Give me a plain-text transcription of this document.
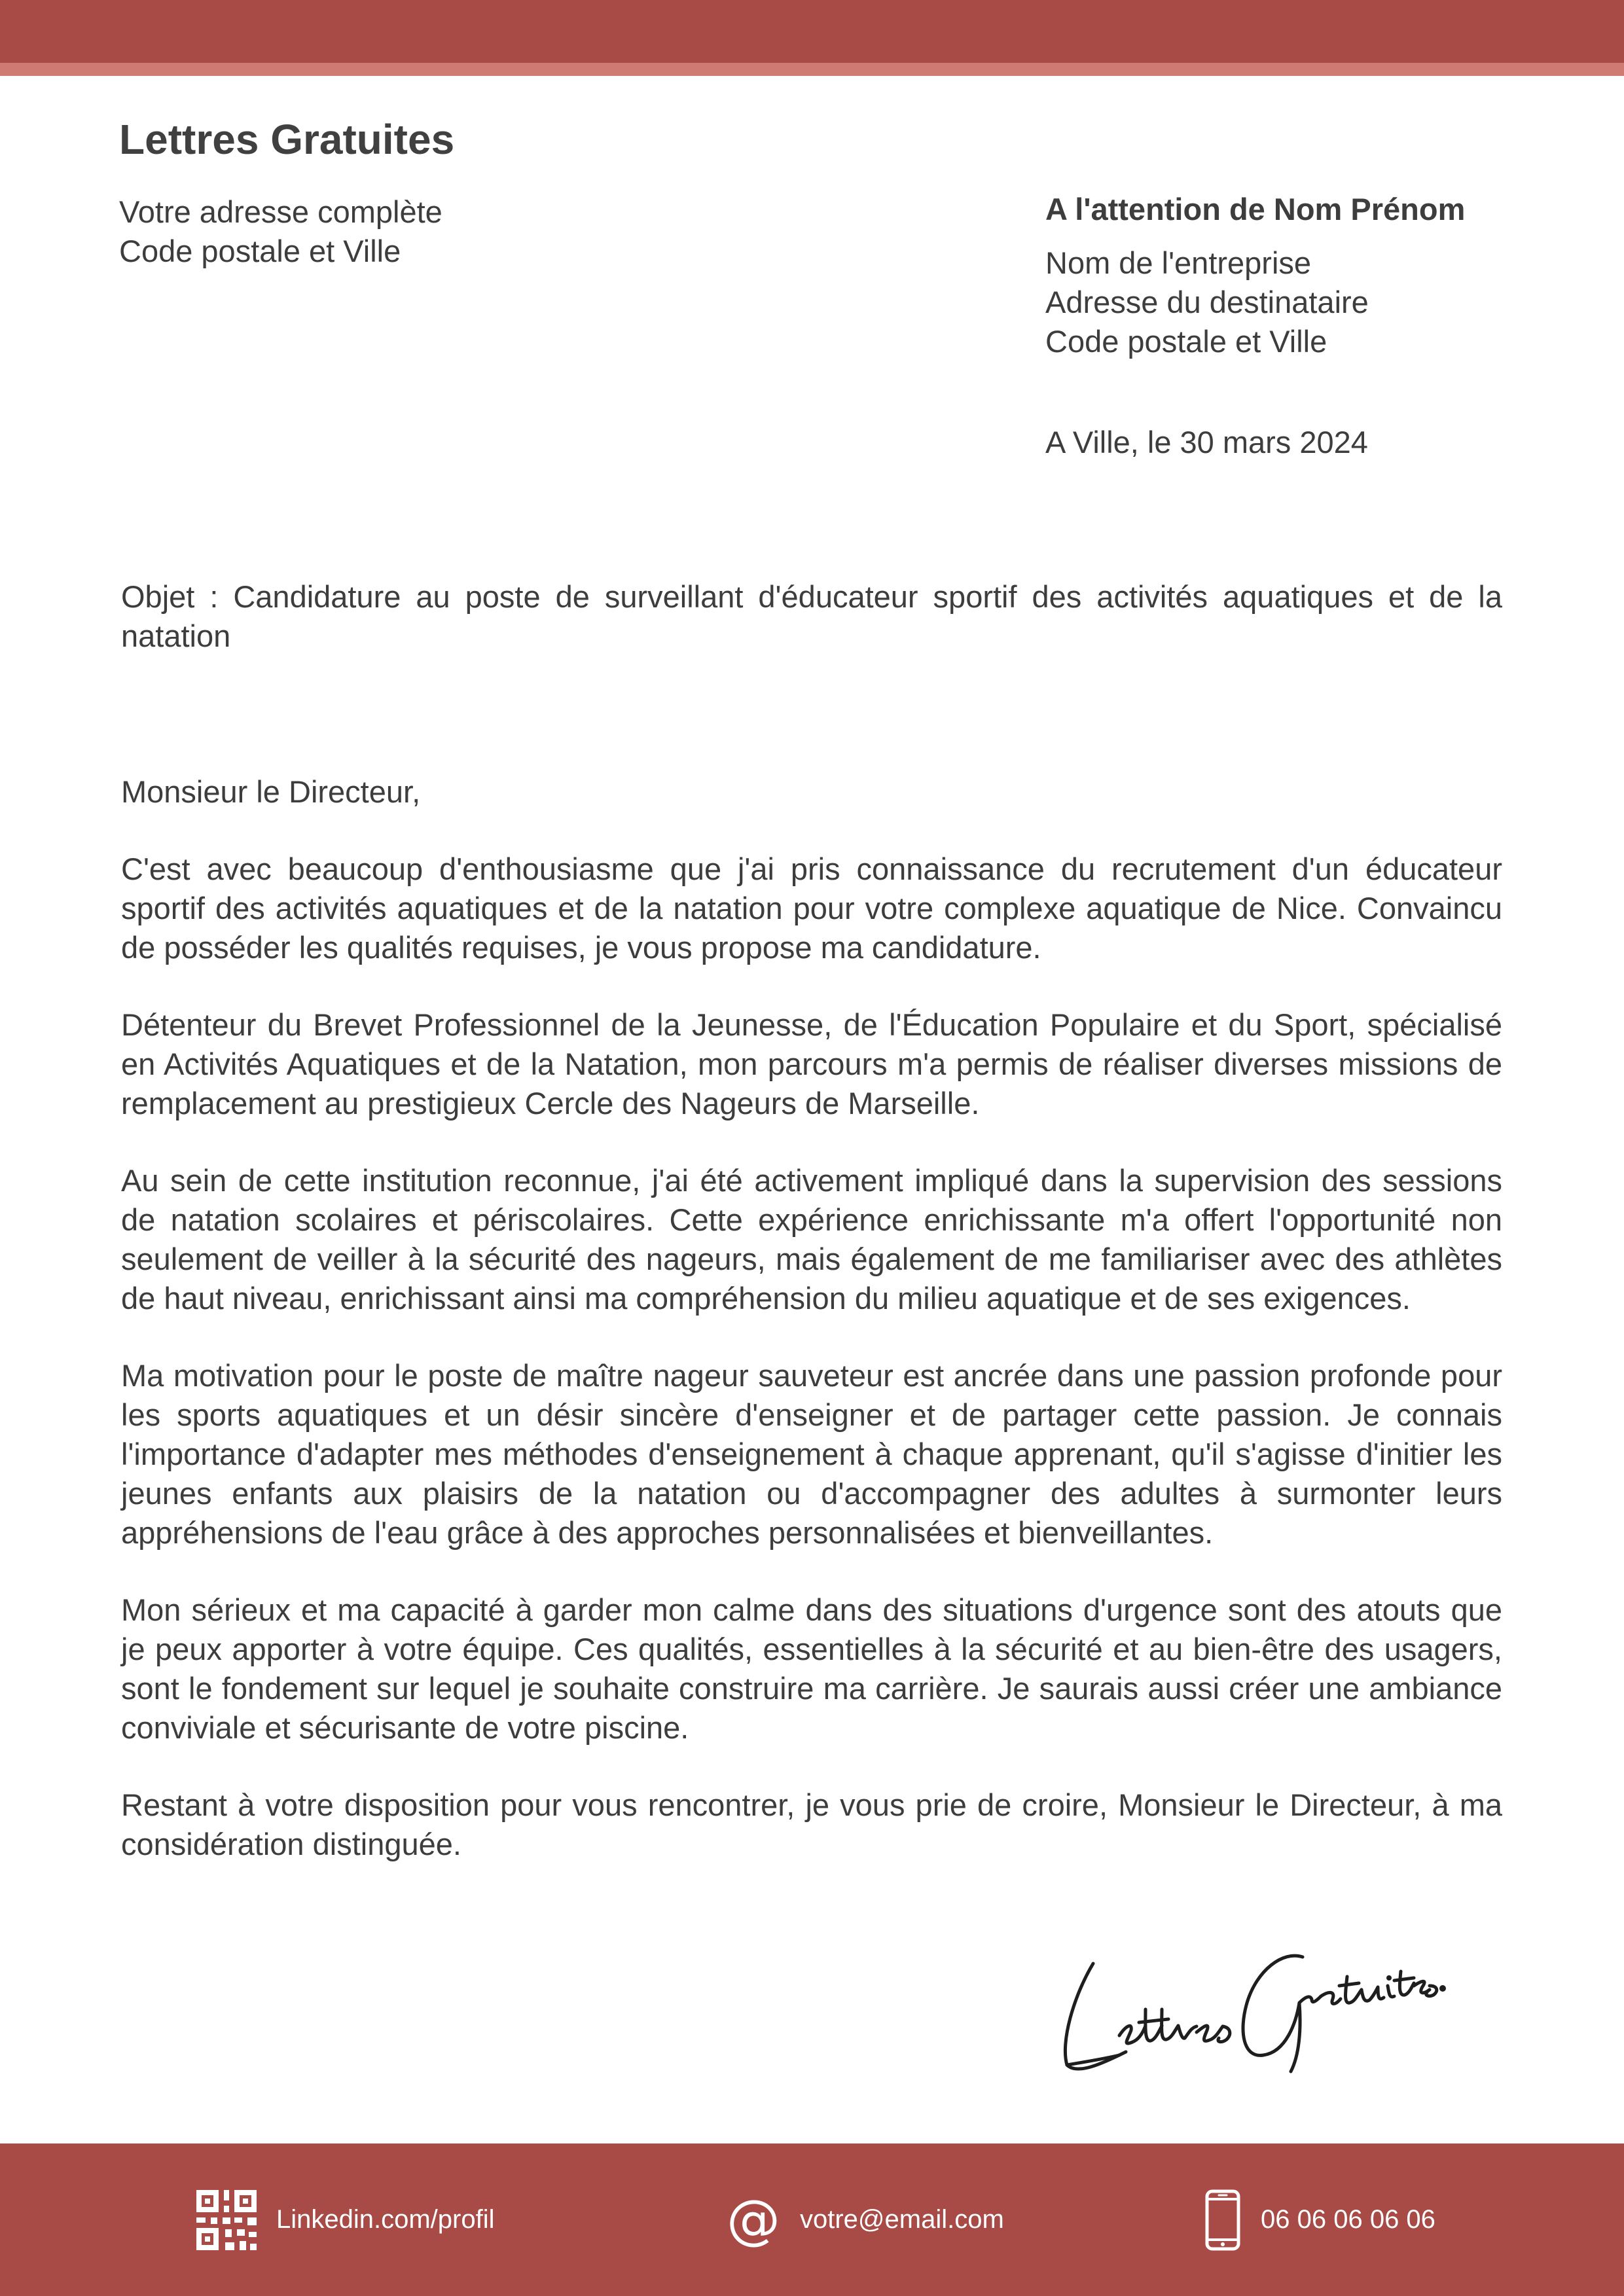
Lettres Gratuites
Votre adresse complète
Code postale et Ville
A l'attention de Nom Prénom
Nom de l'entreprise
Adresse du destinataire
Code postale et Ville
A Ville, le 30 mars 2024
Objet : Candidature au poste de surveillant d'éducateur sportif des activités aquatiques et de la natation

Monsieur le Directeur,

C'est avec beaucoup d'enthousiasme que j'ai pris connaissance du recrutement d'un éducateur sportif des activités aquatiques et de la natation pour votre complexe aquatique de Nice. Convaincu de posséder les qualités requises, je vous propose ma candidature.

Détenteur du Brevet Professionnel de la Jeunesse, de l'Éducation Populaire et du Sport, spécialisé en Activités Aquatiques et de la Natation, mon parcours m'a permis de réaliser diverses missions de remplacement au prestigieux Cercle des Nageurs de Marseille.

Au sein de cette institution reconnue, j'ai été activement impliqué dans la supervision des sessions de natation scolaires et périscolaires. Cette expérience enrichissante m'a offert l'opportunité non seulement de veiller à la sécurité des nageurs, mais également de me familiariser avec des athlètes de haut niveau, enrichissant ainsi ma compréhension du milieu aquatique et de ses exigences.

Ma motivation pour le poste de maître nageur sauveteur est ancrée dans une passion profonde pour les sports aquatiques et un désir sincère d'enseigner et de partager cette passion. Je connais l'importance d'adapter mes méthodes d'enseignement à chaque apprenant, qu'il s'agisse d'initier les jeunes enfants aux plaisirs de la natation ou d'accompagner des adultes à surmonter leurs appréhensions de l'eau grâce à des approches personnalisées et bienveillantes.

Mon sérieux et ma capacité à garder mon calme dans des situations d'urgence sont des atouts que je peux apporter à votre équipe. Ces qualités, essentielles à la sécurité et au bien-être des usagers, sont le fondement sur lequel je souhaite construire ma carrière. Je saurais aussi créer une ambiance conviviale et sécurisante de votre piscine.

Restant à votre disposition pour vous rencontrer, je vous prie de croire, Monsieur le Directeur, à ma considération distinguée.

Linkedin.com/profil	@ votre@email.com	06 06 06 06 06
